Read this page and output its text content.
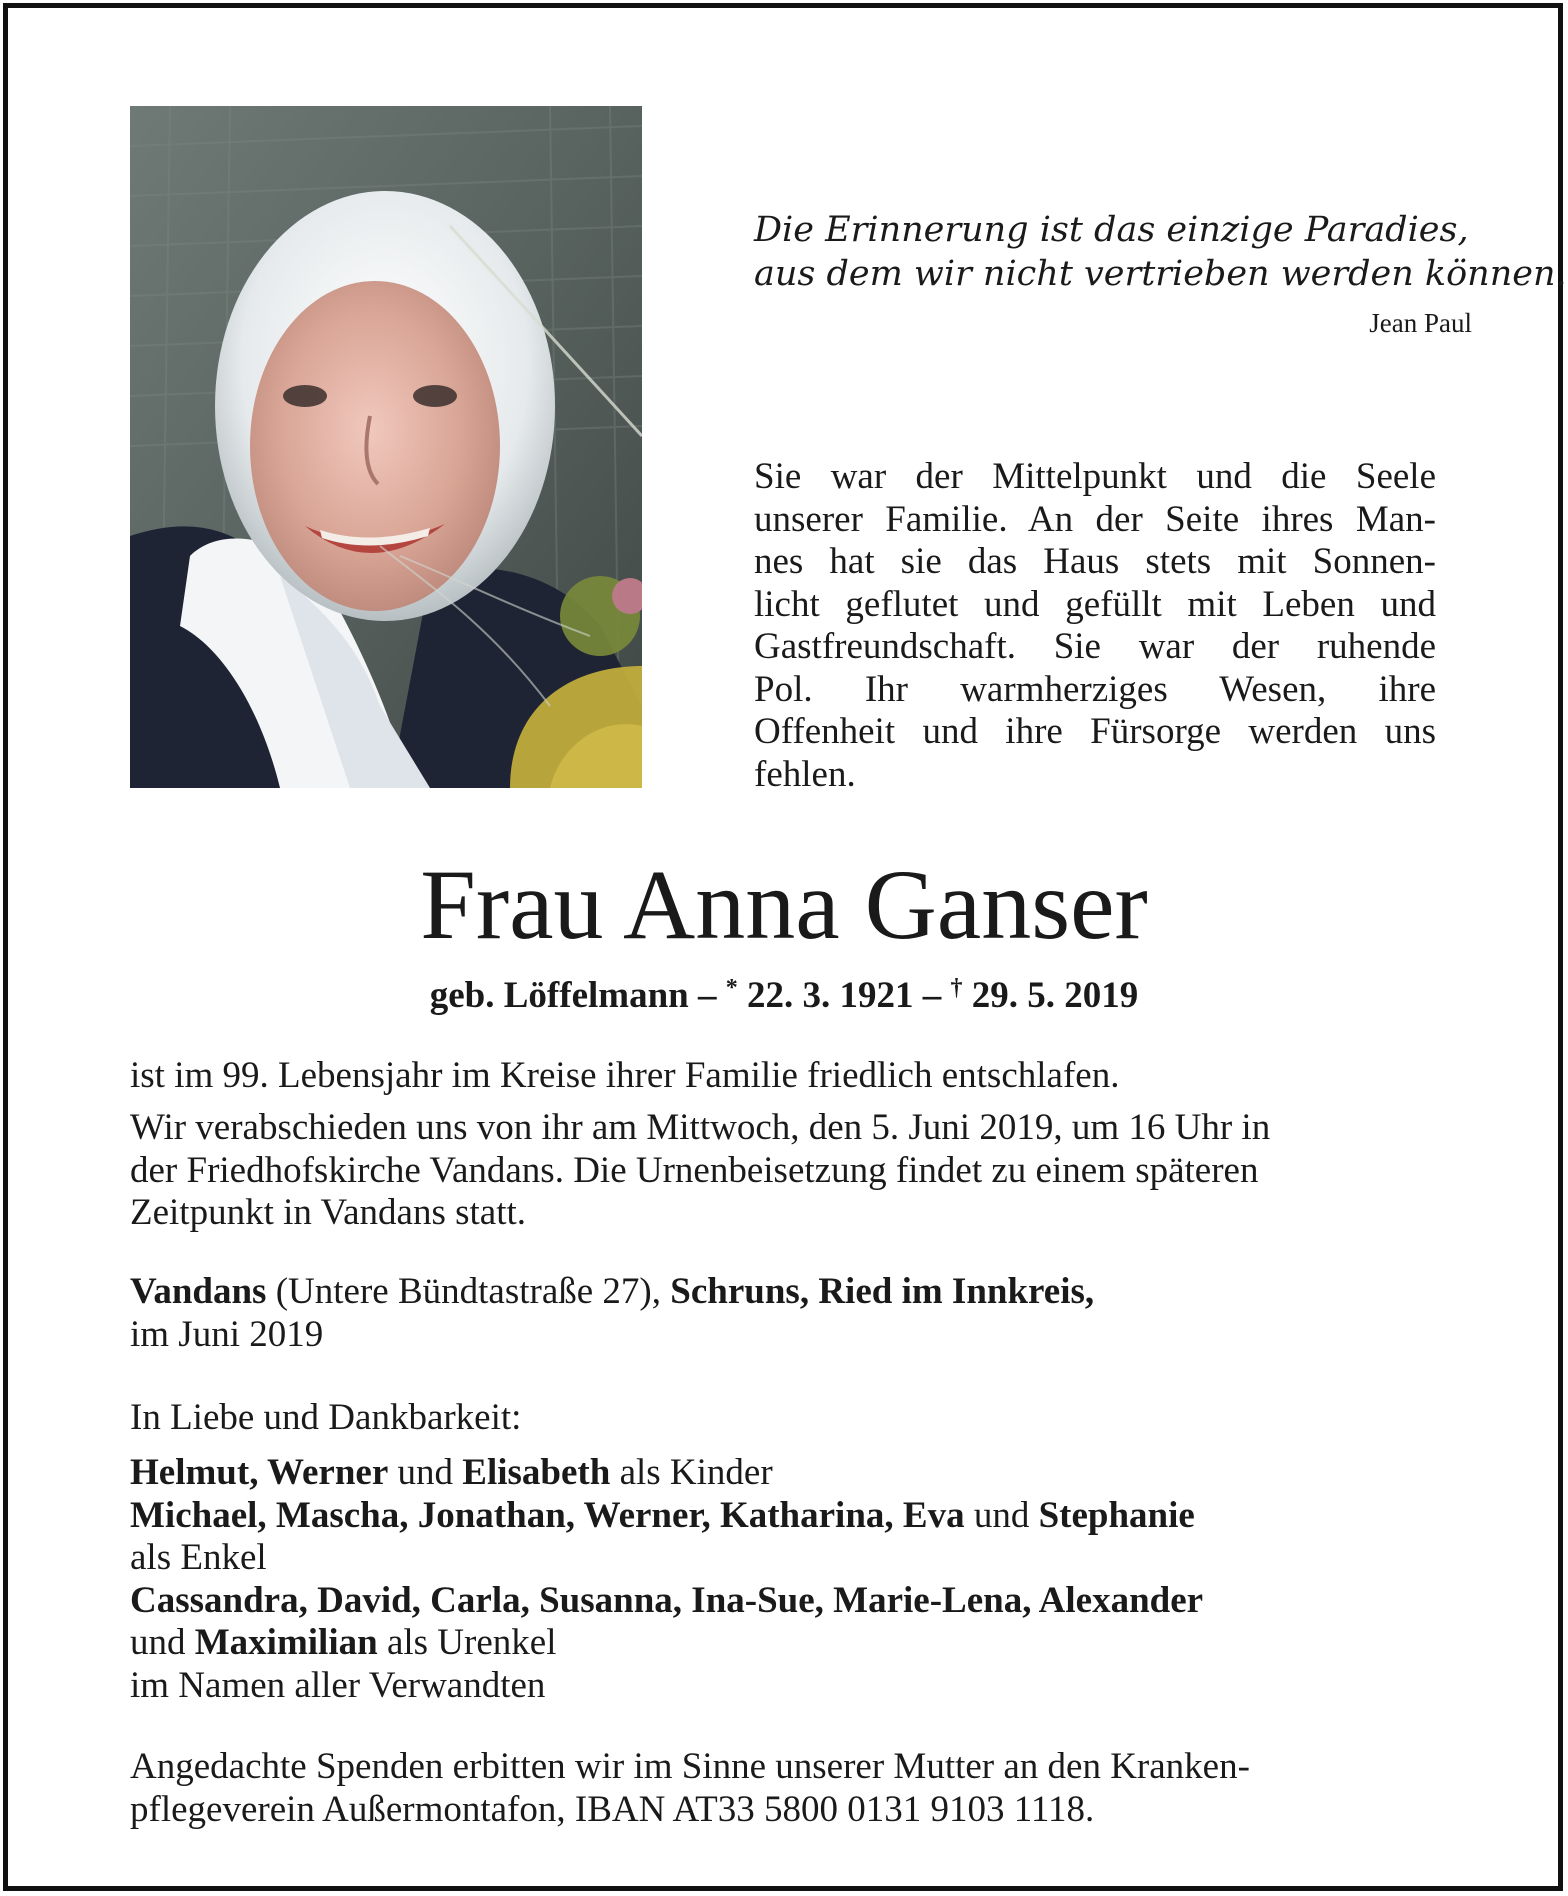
Die Erinnerung ist das einzige Paradies,
aus dem wir nicht vertrieben werden können.
Jean Paul
Sie war der Mittelpunkt und die Seele
unserer Familie. An der Seite ihres Man-
nes hat sie das Haus stets mit Sonnen-
licht geflutet und gefüllt mit Leben und
Gastfreundschaft. Sie war der ruhende
Pol. Ihr warmherziges Wesen, ihre
Offenheit und ihre Fürsorge werden uns
fehlen.
Frau Anna Ganser
geb. Löffelmann – * 22. 3. 1921 – † 29. 5. 2019
ist im 99. Lebensjahr im Kreise ihrer Familie friedlich entschlafen.
Wir verabschieden uns von ihr am Mittwoch, den 5. Juni 2019, um 16 Uhr in
der Friedhofskirche Vandans. Die Urnenbeisetzung findet zu einem späteren
Zeitpunkt in Vandans statt.
Vandans (Untere Bündtastraße 27), Schruns, Ried im Innkreis,
im Juni 2019
In Liebe und Dankbarkeit:
Helmut, Werner und Elisabeth als Kinder
Michael, Mascha, Jonathan, Werner, Katharina, Eva und Stephanie
als Enkel
Cassandra, David, Carla, Susanna, Ina-Sue, Marie-Lena, Alexander
und Maximilian als Urenkel
im Namen aller Verwandten
Angedachte Spenden erbitten wir im Sinne unserer Mutter an den Kranken-
pflegeverein Außermontafon, IBAN AT33 5800 0131 9103 1118.
